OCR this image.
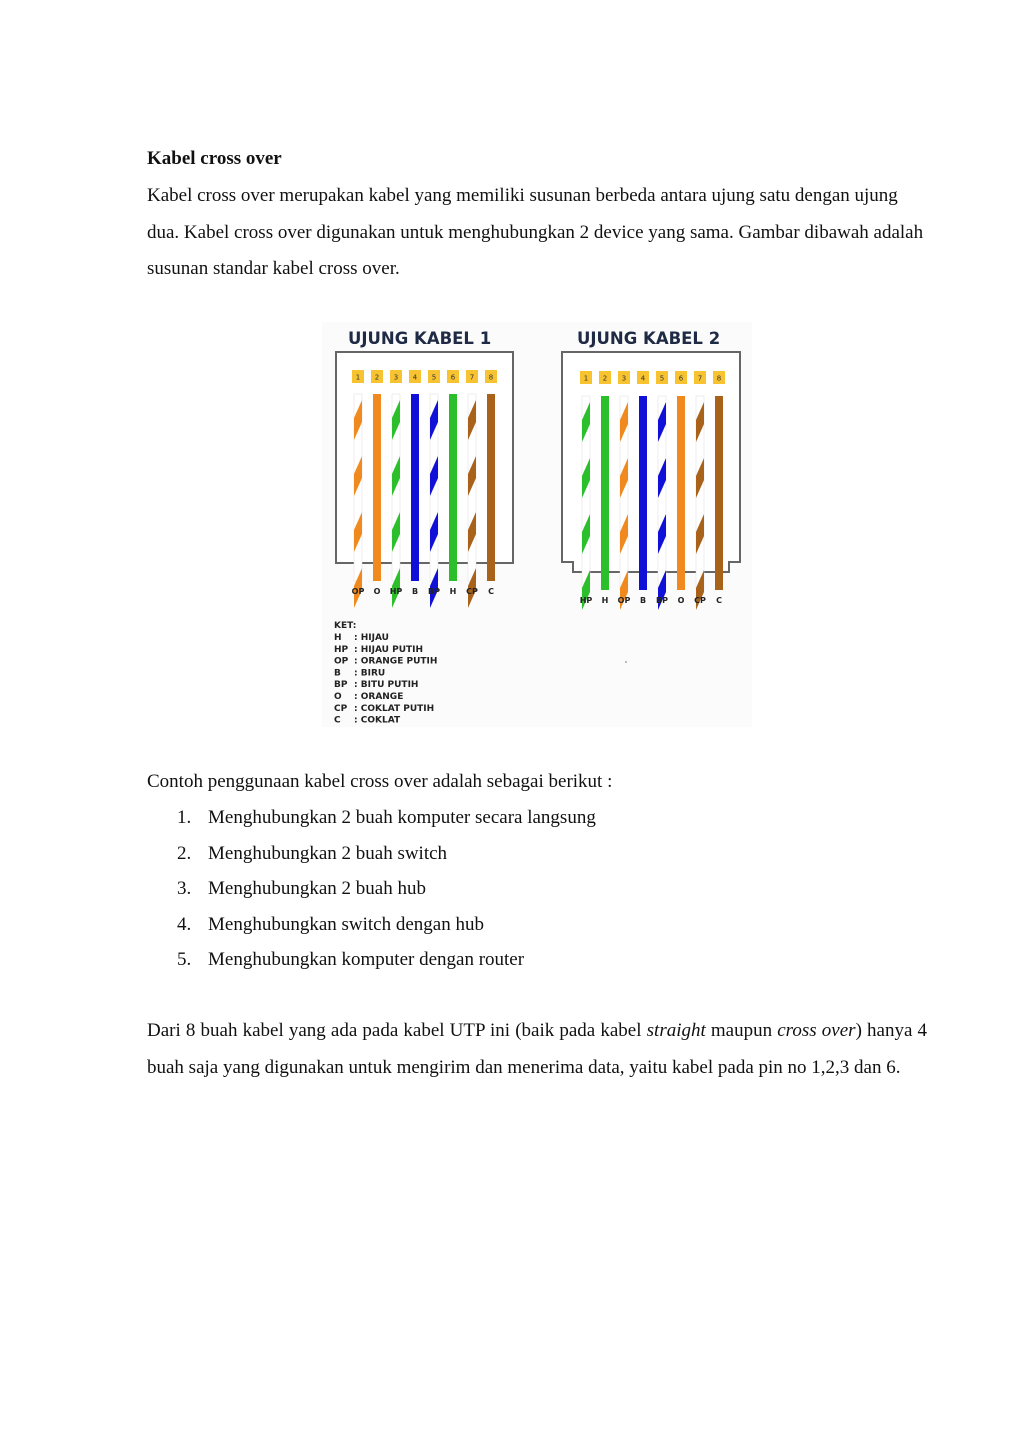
Kabel cross over

Kabel cross over merupakan kabel yang memiliki susunan berbeda antara ujung satu dengan ujung dua. Kabel cross over digunakan untuk menghubungkan 2 device yang sama. Gambar dibawah adalah susunan standar kabel cross over.

UJUNG KABEL 1
1 2 3 4 5 6 7 8
OP O HP B BP H CP C
UJUNG KABEL 2
1 2 3 4 5 6 7 8
HP H OP B BP O CP C
KET:
H : HIJAU
HP : HIJAU PUTIH
OP : ORANGE PUTIH
B : BIRU
BP : BITU PUTIH
O : ORANGE
CP : COKLAT PUTIH
C : COKLAT
Contoh penggunaan kabel cross over adalah sebagai berikut :
1. Menghubungkan 2 buah komputer secara langsung
2. Menghubungkan 2 buah switch
3. Menghubungkan 2 buah hub
4. Menghubungkan switch dengan hub
5. Menghubungkan komputer dengan router

Dari 8 buah kabel yang ada pada kabel UTP ini (baik pada kabel straight maupun cross over) hanya 4 buah saja yang digunakan untuk mengirim dan menerima data, yaitu kabel pada pin no 1,2,3 dan 6.
